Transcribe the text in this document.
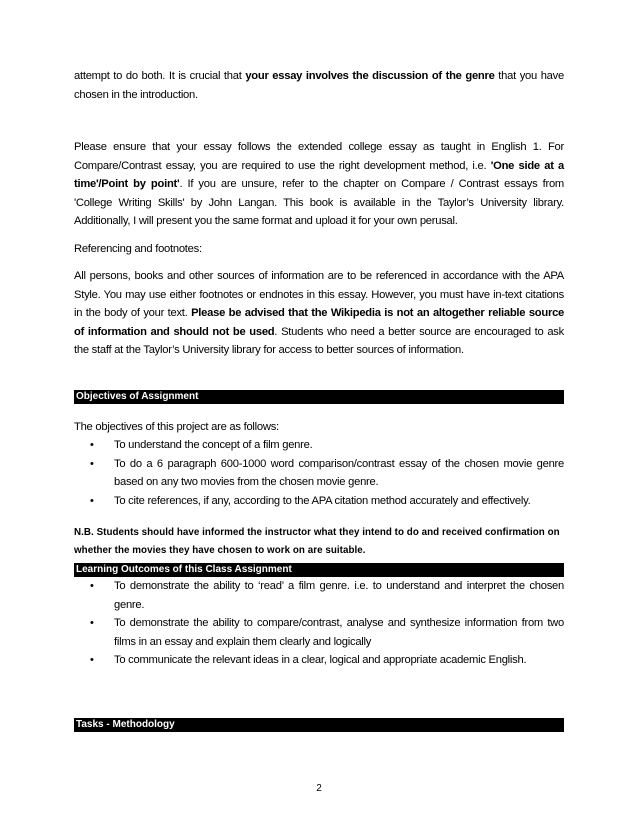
attempt to do both. It is crucial that your essay involves the discussion of the genre that you have chosen in the introduction.

Please ensure that your essay follows the extended college essay as taught in English 1. For Compare/Contrast essay, you are required to use the right development method, i.e. 'One side at a time'/Point by point'. If you are unsure, refer to the chapter on Compare / Contrast essays from 'College Writing Skills' by John Langan. This book is available in the Taylor’s University library. Additionally, I will present you the same format and upload it for your own perusal.

Referencing and footnotes:

All persons, books and other sources of information are to be referenced in accordance with the APA Style. You may use either footnotes or endnotes in this essay. However, you must have in-text citations in the body of your text. Please be advised that the Wikipedia is not an altogether reliable source of information and should not be used. Students who need a better source are encouraged to ask the staff at the Taylor’s University library for access to better sources of information.

Objectives of Assignment

The objectives of this project are as follows:

• To understand the concept of a film genre.
• To do a 6 paragraph 600-1000 word comparison/contrast essay of the chosen movie genre based on any two movies from the chosen movie genre.
• To cite references, if any, according to the APA citation method accurately and effectively.

N.B. Students should have informed the instructor what they intend to do and received confirmation on whether the movies they have chosen to work on are suitable.

Learning Outcomes of this Class Assignment
• To demonstrate the ability to ‘read’ a film genre. i.e. to understand and interpret the chosen genre.
• To demonstrate the ability to compare/contrast, analyse and synthesize information from two films in an essay and explain them clearly and logically
• To communicate the relevant ideas in a clear, logical and appropriate academic English.
Tasks - Methodology
2
